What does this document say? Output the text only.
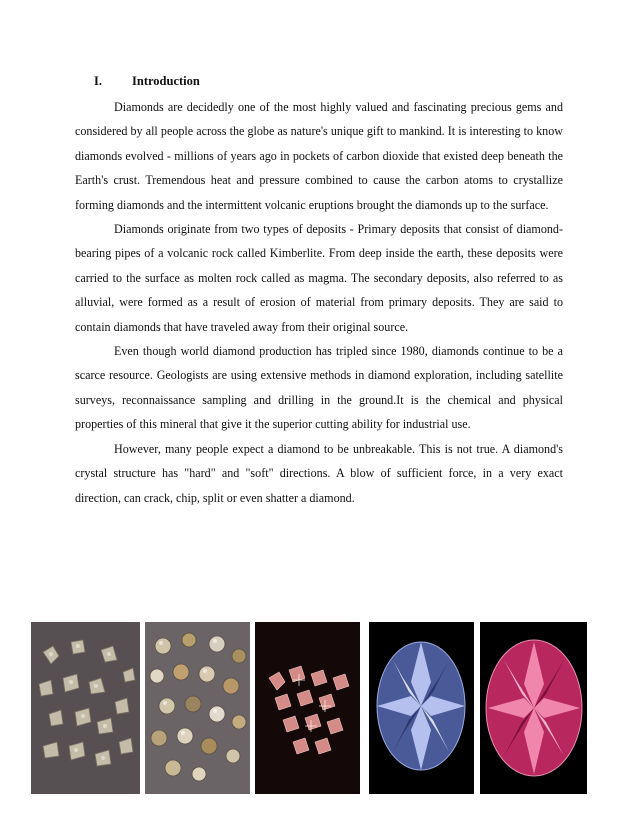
I.	Introduction

Diamonds are decidedly one of the most highly valued and fascinating precious gems and considered by all people across the globe as nature's unique gift to mankind. It is interesting to know diamonds evolved - millions of years ago in pockets of carbon dioxide that existed deep beneath the Earth's crust. Tremendous heat and pressure combined to cause the carbon atoms to crystallize forming diamonds and the intermittent volcanic eruptions brought the diamonds up to the surface.

Diamonds originate from two types of deposits - Primary deposits that consist of diamond-bearing pipes of a volcanic rock called Kimberlite. From deep inside the earth, these deposits were carried to the surface as molten rock called as magma. The secondary deposits, also referred to as alluvial, were formed as a result of erosion of material from primary deposits. They are said to contain diamonds that have traveled away from their original source.

Even though world diamond production has tripled since 1980, diamonds continue to be a scarce resource. Geologists are using extensive methods in diamond exploration, including satellite surveys, reconnaissance sampling and drilling in the ground.It is the chemical and physical properties of this mineral that give it the superior cutting ability for industrial use.

However, many people expect a diamond to be unbreakable. This is not true. A diamond's crystal structure has "hard" and "soft" directions. A blow of sufficient force, in a very exact direction, can crack, chip, split or even shatter a diamond.
